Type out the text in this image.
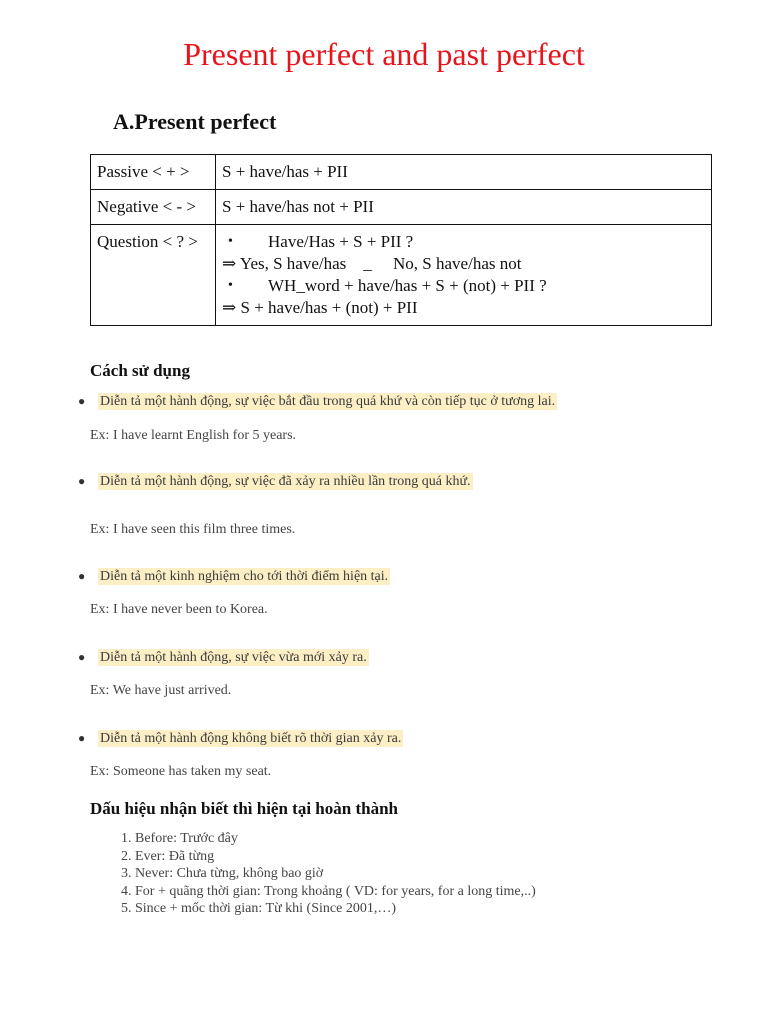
Present perfect and past perfect
A.Present perfect
Passive < + >	S + have/has + PII
Negative < - >	S + have/has not + PII
Question < ? >	• Have/Has + S + PII ?
⇒ Yes, S have/has    _     No, S have/has not
• WH_word + have/has + S + (not) + PII ?
⇒ S + have/has + (not) + PII
Cách sử dụng
● Diễn tả một hành động, sự việc bắt đầu trong quá khứ và còn tiếp tục ở tương lai.
Ex: I have learnt English for 5 years.
● Diễn tả một hành động, sự việc đã xảy ra nhiều lần trong quá khứ.
Ex: I have seen this film three times.
● Diễn tả một kinh nghiệm cho tới thời điểm hiện tại.
Ex: I have never been to Korea.
● Diễn tả một hành động, sự việc vừa mới xảy ra.
Ex: We have just arrived.
● Diễn tả một hành động không biết rõ thời gian xảy ra.
Ex: Someone has taken my seat.
Dấu hiệu nhận biết thì hiện tại hoàn thành
1. Before: Trước đây
2. Ever: Đã từng
3. Never: Chưa từng, không bao giờ
4. For + quãng thời gian: Trong khoảng ( VD: for years, for a long time,..)
5. Since + mốc thời gian: Từ khi (Since 2001,…)
